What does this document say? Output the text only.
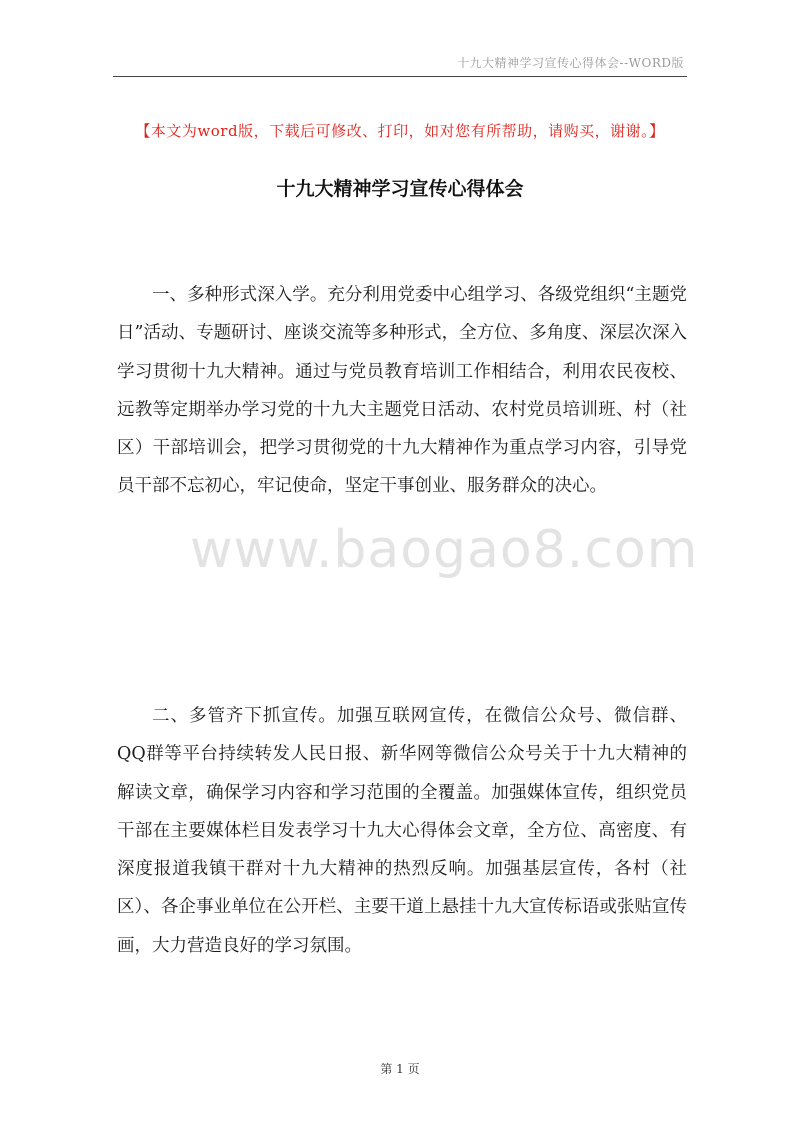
十九大精神学习宣传心得体会--WORD版
【本文为word版，下载后可修改、打印，如对您有所帮助，请购买，谢谢。】
十九大精神学习宣传心得体会

一、多种形式深入学。充分利用党委中心组学习、各级党组织“主题党日”活动、专题研讨、座谈交流等多种形式，全方位、多角度、深层次深入学习贯彻十九大精神。通过与党员教育培训工作相结合，利用农民夜校、远教等定期举办学习党的十九大主题党日活动、农村党员培训班、村（社区）干部培训会，把学习贯彻党的十九大精神作为重点学习内容，引导党员干部不忘初心，牢记使命，坚定干事创业、服务群众的决心。

www.baogao8.com

二、多管齐下抓宣传。加强互联网宣传，在微信公众号、微信群、QQ群等平台持续转发人民日报、新华网等微信公众号关于十九大精神的解读文章，确保学习内容和学习范围的全覆盖。加强媒体宣传，组织党员干部在主要媒体栏目发表学习十九大心得体会文章，全方位、高密度、有深度报道我镇干群对十九大精神的热烈反响。加强基层宣传，各村（社区）、各企事业单位在公开栏、主要干道上悬挂十九大宣传标语或张贴宣传画，大力营造良好的学习氛围。

第 1 页
